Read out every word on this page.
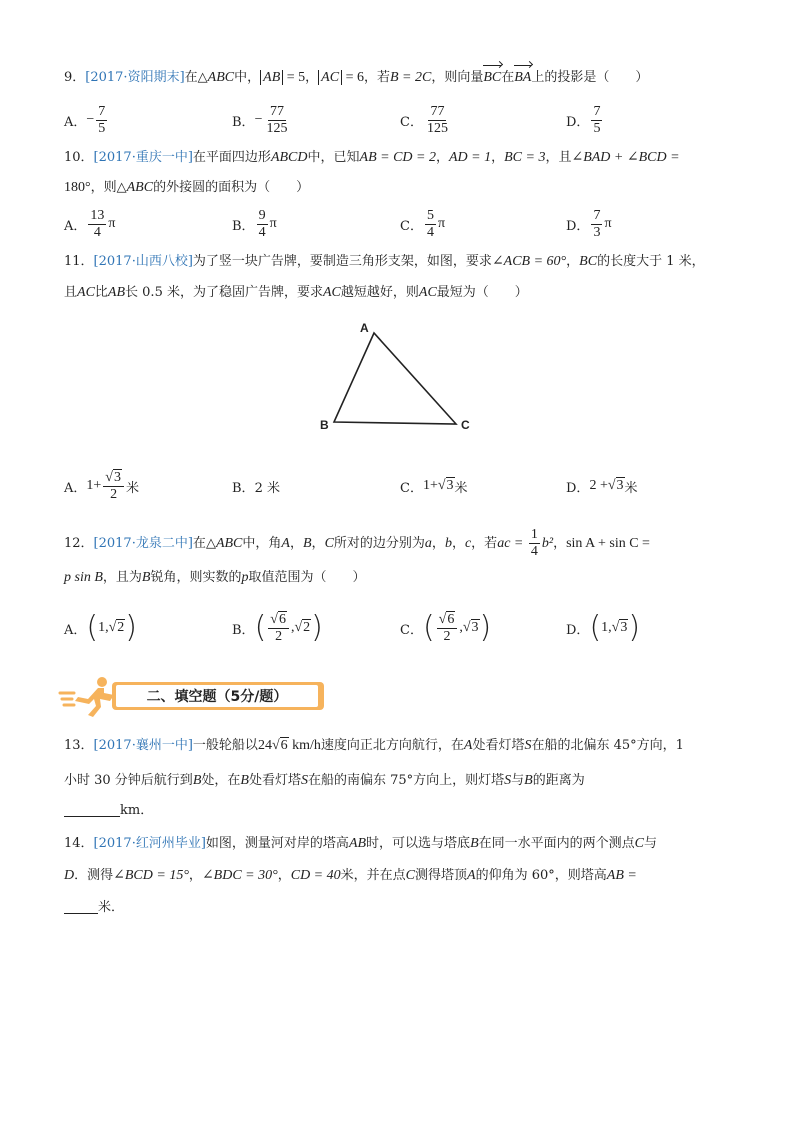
9．[2017·资阳期末]在△ABC中， AB = 5， AC = 6，若B = 2C，则向量BC在BA上的投影是（　　）
A． − $\frac{7}{5}$	B． − $\frac{77}{125}$	C． $\frac{77}{125}$	D． $\frac{7}{5}$
10．[2017·重庆一中]在平面四边形ABCD中，已知AB = CD = 2，AD = 1，BC = 3，且∠BAD + ∠BCD =
180°，则△ABC的外接圆的面积为（　　）
A． $\frac{13}{4}$ π	B． $\frac{9}{4}$ π	C． $\frac{5}{4}$ π	D． $\frac{7}{3}$ π
11．[2017·山西八校]为了竖一块广告牌，要制造三角形支架，如图，要求∠ACB = 60°，BC的长度大于 1 米，
且AC比AB长 0.5 米，为了稳固广告牌，要求AC越短越好，则AC最短为（　　）
A
B	C
A． $1+ \frac{√3}{2}$ 米	B． 2 米	C． 1+ √3 米	D． 2 + √3 米
12．[2017·龙泉二中]在△ABC中，角A，B，C所对的边分别为a，b，c，若ac = $\frac{1}{4} b^2$，sin A + sin C =
p sin B，且为B锐角，则实数的p取值范围为（　　）
A． ( 1, √2 )	B． ( $\frac{√6}{2}$ , √2 )	C． ( $\frac{√6}{2}$ , √3 )	D． ( 1, √3 )
二、填空题（5分/题）
13．[2017·襄州一中]一般轮船以24√6 km/h速度向正北方向航行，在A处看灯塔S在船的北偏东 45°方向，1
小时 30 分钟后航行到B处，在B处看灯塔S在船的南偏东 75°方向上，则灯塔S与B的距离为
km．
14．[2017·红河州毕业]如图，测量河对岸的塔高AB时，可以选与塔底B在同一水平面内的两个测点C与
D．测得∠BCD = 15°，∠BDC = 30°，CD = 40米，并在点C测得塔顶A的仰角为 60°，则塔高AB =
米．
